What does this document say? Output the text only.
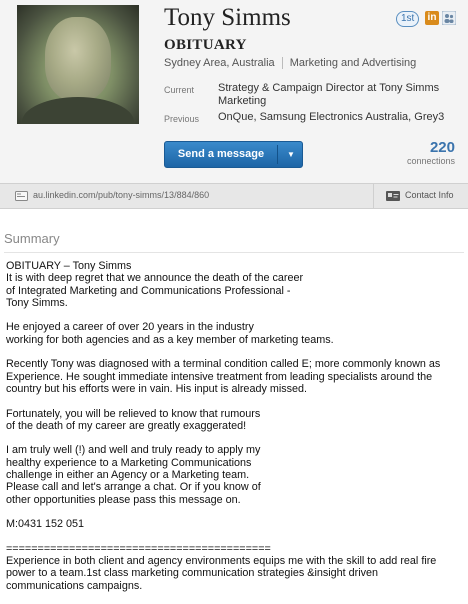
Tony Simms	1st	in
OBITUARY
Sydney Area, Australia Marketing and Advertising
Current Strategy & Campaign Director at Tony Simms Marketing
Previous OnQue, Samsung Electronics Australia, Grey3
Send a message	▼	220
connections
au.linkedin.com/pub/tony-simms/13/884/860	Contact Info
Summary

OBITUARY – Tony Simms
It is with deep regret that we announce the death of the career
of Integrated Marketing and Communications Professional -
Tony Simms.

He enjoyed a career of over 20 years in the industry
working for both agencies and as a key member of marketing teams.

Recently Tony was diagnosed with a terminal condition called E; more commonly known as
Experience. He sought immediate intensive treatment from leading specialists around the
country but his efforts were in vain. His input is already missed.

Fortunately, you will be relieved to know that rumours
of the death of my career are greatly exaggerated!

I am truly well (!) and well and truly ready to apply my
healthy experience to a Marketing Communications
challenge in either an Agency or a Marketing team.
Please call and let's arrange a chat. Or if you know of
other opportunities please pass this message on.

M:0431 152 051

==========================================
Experience in both client and agency environments equips me with the skill to add real fire
power to a team.1st class marketing communication strategies &insight driven
communications campaigns.
